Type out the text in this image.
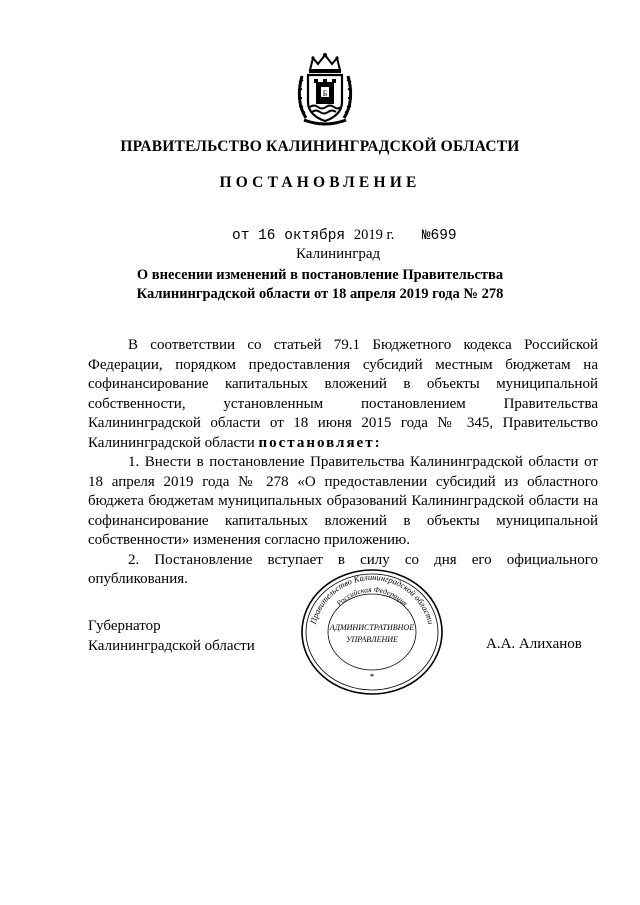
Б
ПРАВИТЕЛЬСТВО КАЛИНИНГРАДСКОЙ ОБЛАСТИ
ПОСТАНОВЛЕНИЕ
от 16 октября 2019 г. №699
Калининград
О внесении изменений в постановление Правительства
Калининградской области от 18 апреля 2019 года № 278

В соответствии со статьей 79.1 Бюджетного кодекса Российской Федерации, порядком предоставления субсидий местным бюджетам на софинансирование капитальных вложений в объекты муниципальной собственности, установленным постановлением Правительства Калининградской области от 18 июня 2015 года № 345, Правительство Калининградской области постановляет:

1. Внести в постановление Правительства Калининградской области от 18 апреля 2019 года № 278 «О предоставлении субсидий из областного бюджета бюджетам муниципальных образований Калининградской области на софинансирование капитальных вложений в объекты муниципальной собственности» изменения согласно приложению.

2. Постановление вступает в силу со дня его официального опубликования.

Губернатор
Калининградской области	А.А. Алиханов
Правительство Калининградской области
Российская Федерация
АДМИНИСТРАТИВНОЕ
УПРАВЛЕНИЕ
*
